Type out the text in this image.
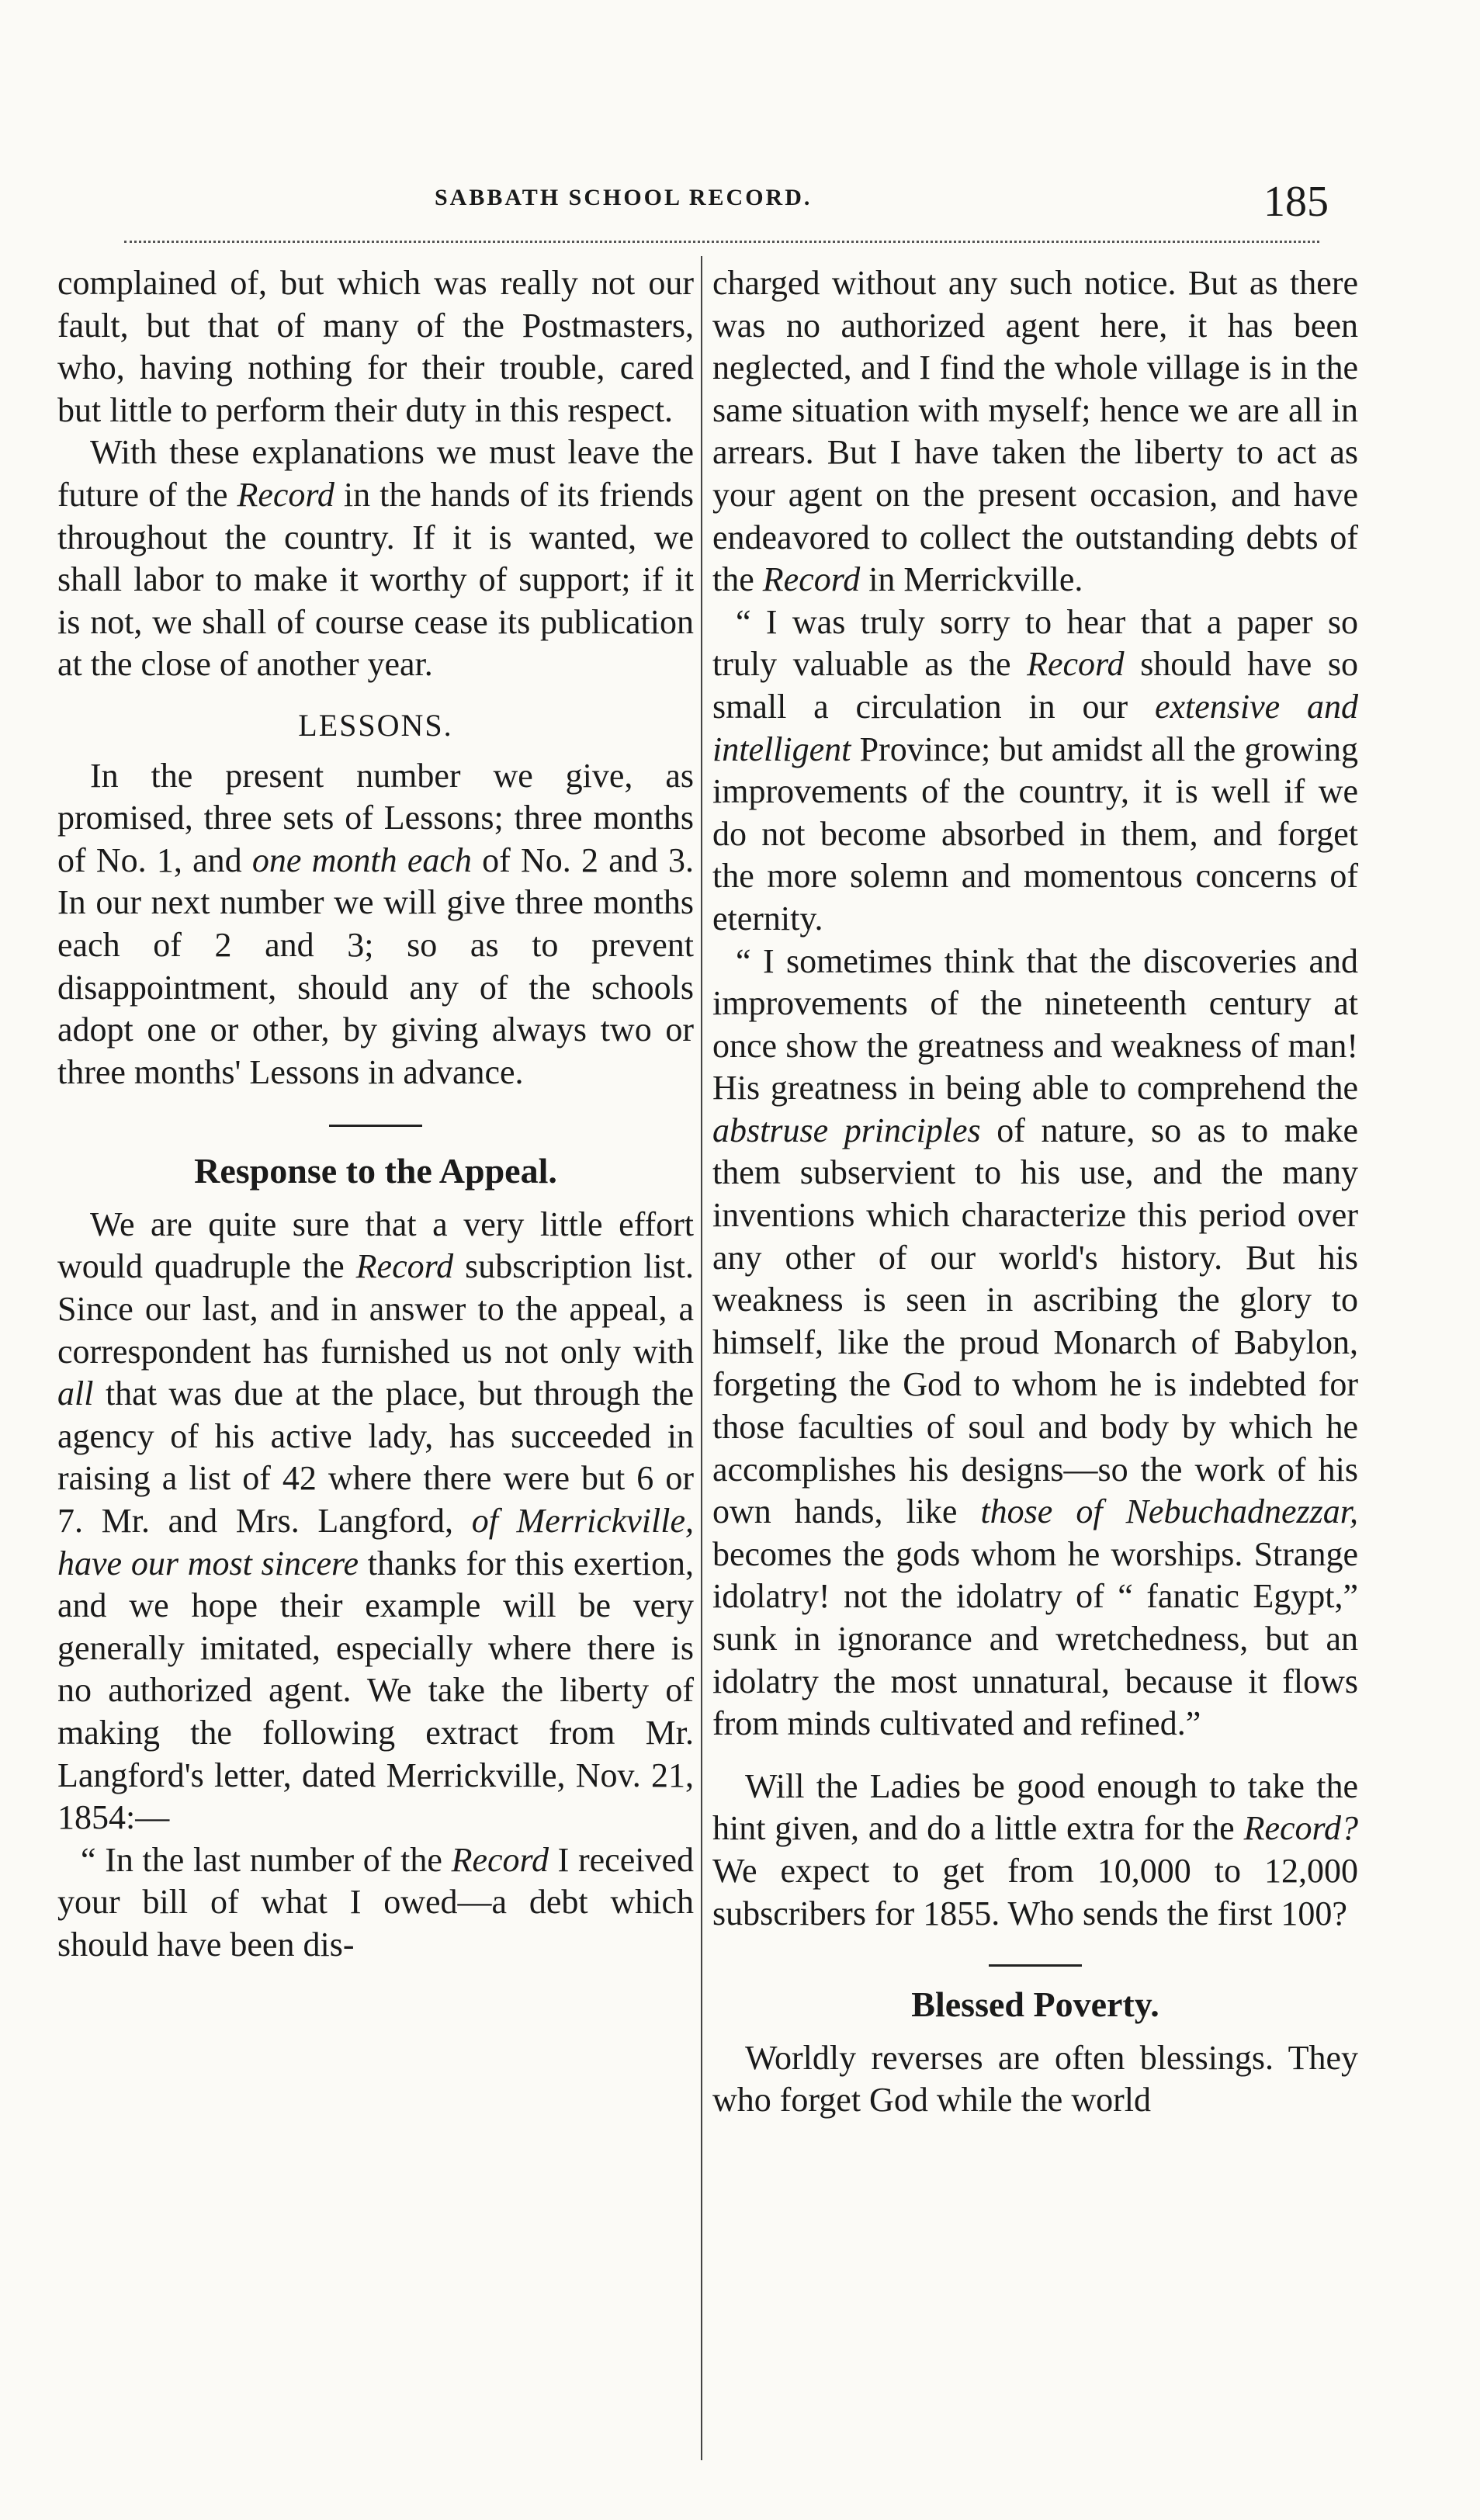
SABBATH SCHOOL RECORD.	185

complained of, but which was really not our fault, but that of many of the Postmasters, who, having nothing for their trouble, cared but little to perform their duty in this respect.

With these explanations we must leave the future of the Record in the hands of its friends throughout the country. If it is wanted, we shall labor to make it worthy of support; if it is not, we shall of course cease its publication at the close of another year.

LESSONS.

In the present number we give, as promised, three sets of Lessons; three months of No. 1, and one month each of No. 2 and 3. In our next number we will give three months each of 2 and 3; so as to prevent disappointment, should any of the schools adopt one or other, by giving always two or three months' Lessons in advance.

Response to the Appeal.

We are quite sure that a very little effort would quadruple the Record subscription list. Since our last, and in answer to the appeal, a correspondent has furnished us not only with all that was due at the place, but through the agency of his active lady, has succeeded in raising a list of 42 where there were but 6 or 7. Mr. and Mrs. Langford, of Merrickville, have our most sincere thanks for this exertion, and we hope their example will be very generally imitated, especially where there is no authorized agent. We take the liberty of making the following extract from Mr. Langford's letter, dated Merrickville, Nov. 21, 1854:—

“ In the last number of the Record I received your bill of what I owed—a debt which should have been dis-

charged without any such notice. But as there was no authorized agent here, it has been neglected, and I find the whole village is in the same situation with myself; hence we are all in arrears. But I have taken the liberty to act as your agent on the present occasion, and have endeavored to collect the outstanding debts of the Record in Merrickville.

“ I was truly sorry to hear that a paper so truly valuable as the Record should have so small a circulation in our extensive and intelligent Province; but amidst all the growing improvements of the country, it is well if we do not become absorbed in them, and forget the more solemn and momentous concerns of eternity.

“ I sometimes think that the discoveries and improvements of the nineteenth century at once show the greatness and weakness of man! His greatness in being able to comprehend the abstruse principles of nature, so as to make them subservient to his use, and the many inventions which characterize this period over any other of our world's history. But his weakness is seen in ascribing the glory to himself, like the proud Monarch of Babylon, forgeting the God to whom he is indebted for those faculties of soul and body by which he accomplishes his designs—so the work of his own hands, like those of Nebuchadnezzar, becomes the gods whom he worships. Strange idolatry! not the idolatry of “ fanatic Egypt,” sunk in ignorance and wretchedness, but an idolatry the most unnatural, because it flows from minds cultivated and refined.”

Will the Ladies be good enough to take the hint given, and do a little extra for the Record? We expect to get from 10,000 to 12,000 subscribers for 1855. Who sends the first 100?

Blessed Poverty.

Worldly reverses are often blessings. They who forget God while the world
